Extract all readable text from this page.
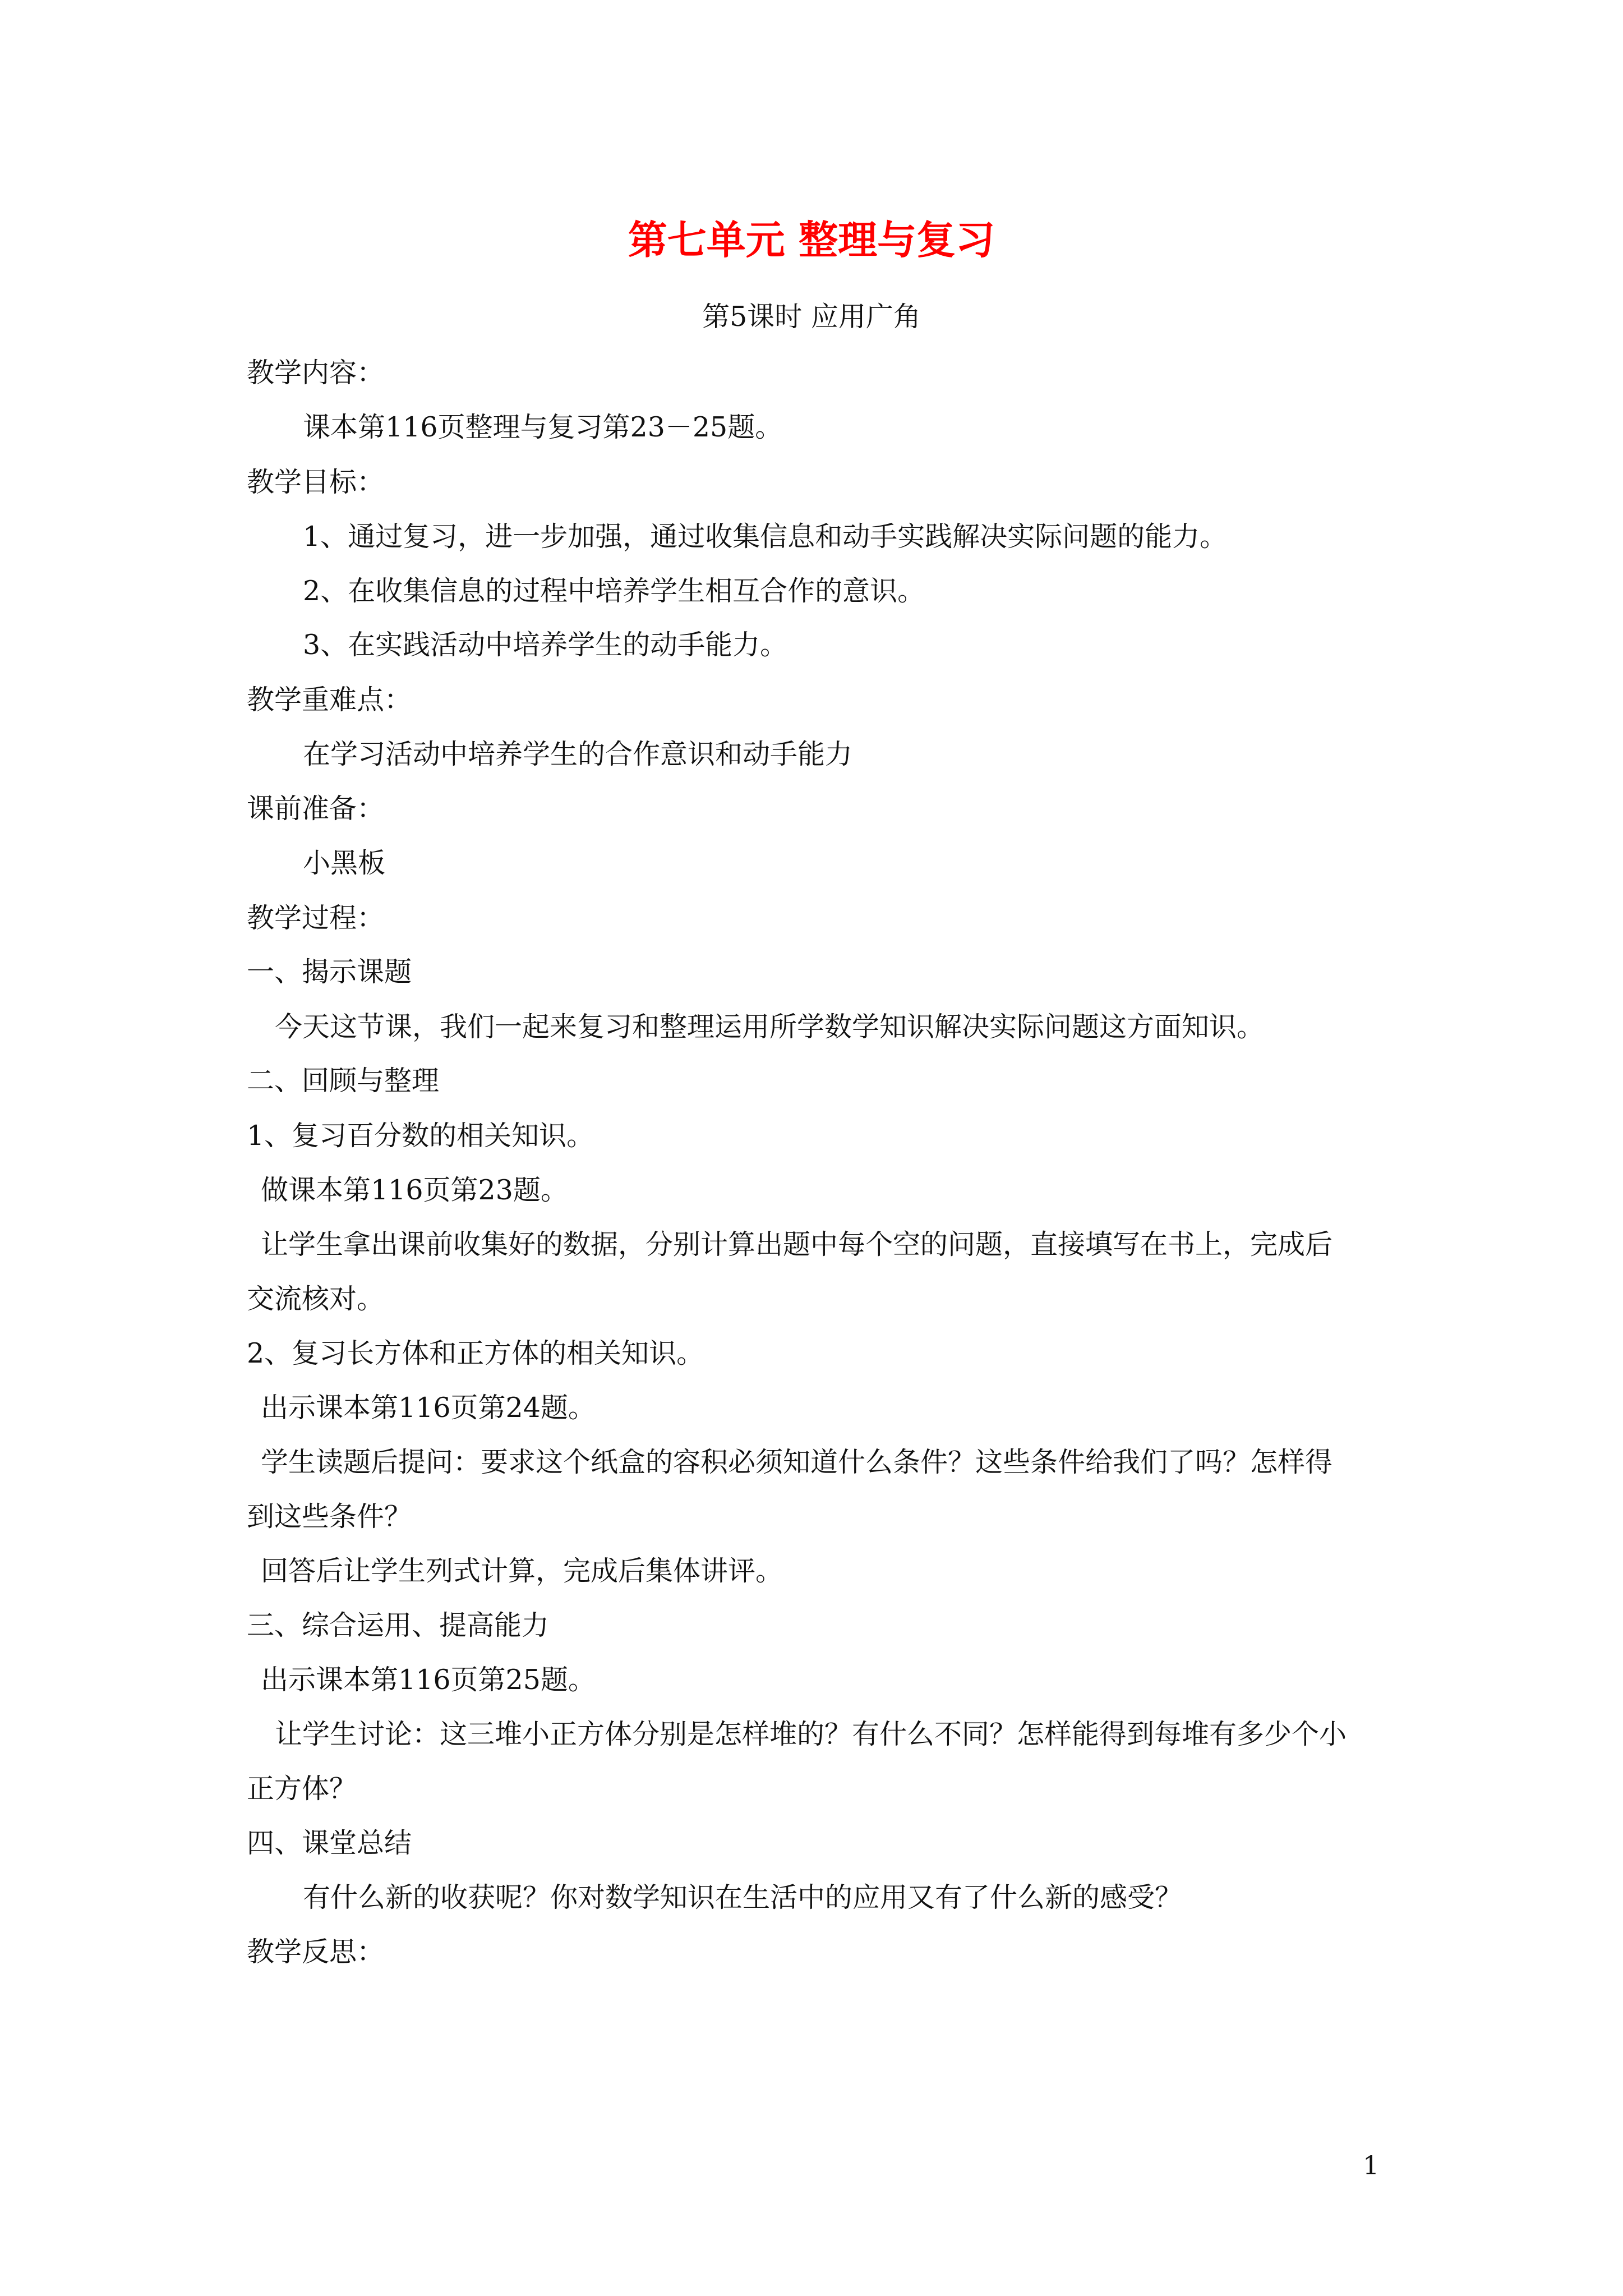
第七单元 整理与复习
第5课时 应用广角
教学内容：
课本第116页整理与复习第23－25题。
教学目标：
1、通过复习，进一步加强，通过收集信息和动手实践解决实际问题的能力。
2、在收集信息的过程中培养学生相互合作的意识。
3、在实践活动中培养学生的动手能力。
教学重难点：
在学习活动中培养学生的合作意识和动手能力
课前准备：
小黑板
教学过程：
一、揭示课题
今天这节课，我们一起来复习和整理运用所学数学知识解决实际问题这方面知识。
二、回顾与整理
1、复习百分数的相关知识。
做课本第116页第23题。
让学生拿出课前收集好的数据，分别计算出题中每个空的问题，直接填写在书上，完成后
交流核对。
2、复习长方体和正方体的相关知识。
出示课本第116页第24题。
学生读题后提问：要求这个纸盒的容积必须知道什么条件？这些条件给我们了吗？怎样得
到这些条件？
回答后让学生列式计算，完成后集体讲评。
三、综合运用、提高能力
出示课本第116页第25题。
让学生讨论：这三堆小正方体分别是怎样堆的？有什么不同？怎样能得到每堆有多少个小
正方体？
四、课堂总结
有什么新的收获呢？你对数学知识在生活中的应用又有了什么新的感受？
教学反思：
1
